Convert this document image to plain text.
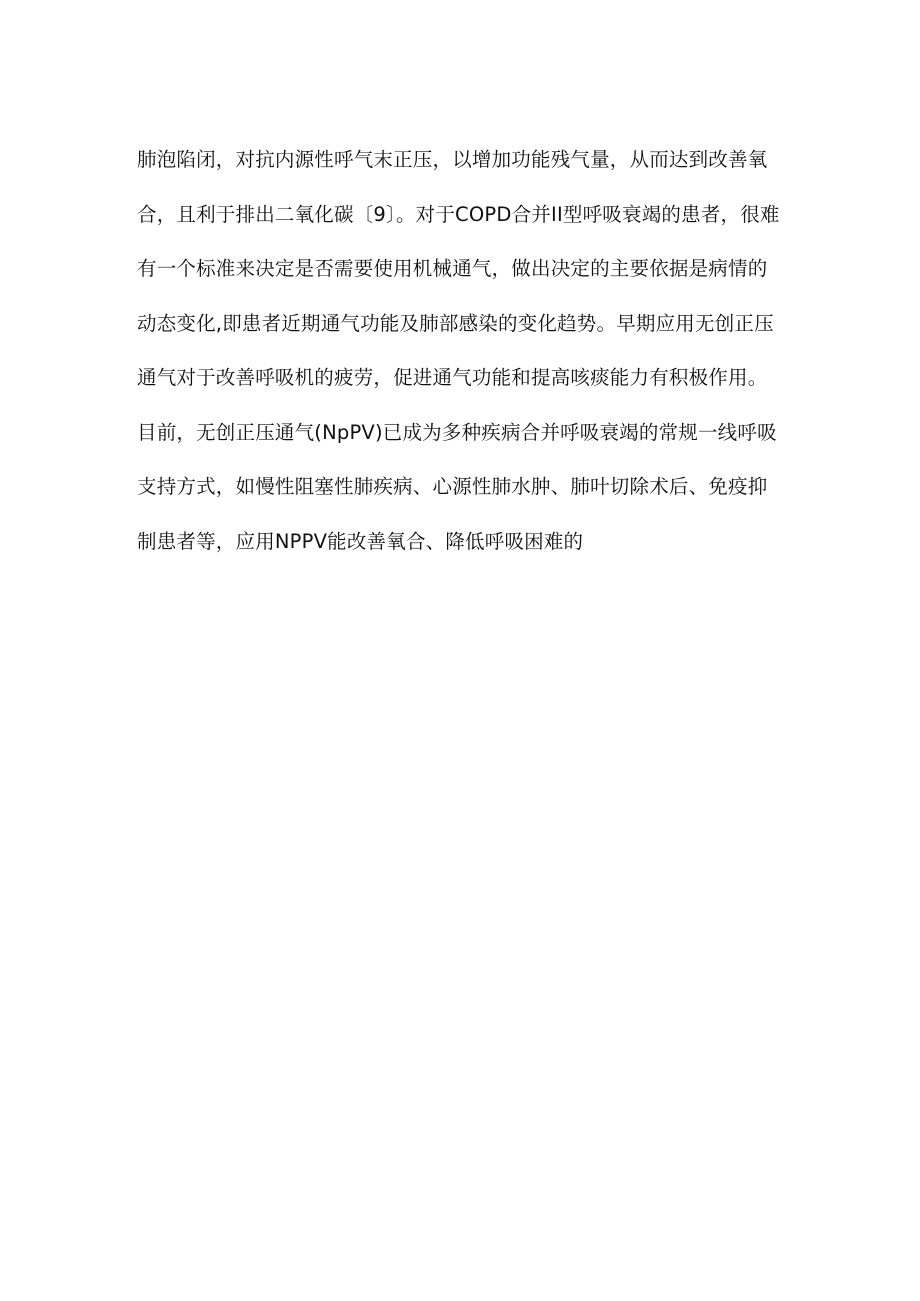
肺泡陷闭，对抗内源性呼气末正压，以增加功能残气量，从而达到改善氧
合，且利于排出二氧化碳〔9〕。对于COPD合并II型呼吸衰竭的患者，很难
有一个标准来决定是否需要使用机械通气，做出决定的主要依据是病情的
动态变化,即患者近期通气功能及肺部感染的变化趋势。早期应用无创正压
通气对于改善呼吸机的疲劳，促进通气功能和提高咳痰能力有积极作用。
目前，无创正压通气(NpPV)已成为多种疾病合并呼吸衰竭的常规一线呼吸
支持方式，如慢性阻塞性肺疾病、心源性肺水肿、肺叶切除术后、免疫抑
制患者等，应用NPPV能改善氧合、降低呼吸困难的
